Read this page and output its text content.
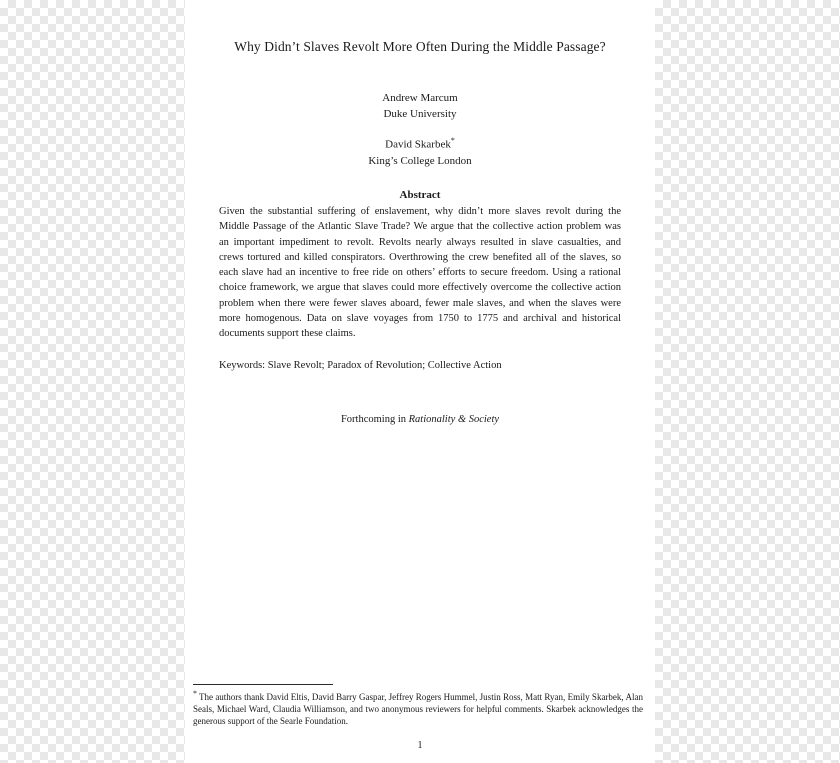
Why Didn’t Slaves Revolt More Often During the Middle Passage?
Andrew Marcum
Duke University
David Skarbek*
King’s College London
Abstract
Given the substantial suffering of enslavement, why didn’t more slaves revolt during the Middle Passage of the Atlantic Slave Trade? We argue that the collective action problem was an important impediment to revolt. Revolts nearly always resulted in slave casualties, and crews tortured and killed conspirators. Overthrowing the crew benefited all of the slaves, so each slave had an incentive to free ride on others’ efforts to secure freedom. Using a rational choice framework, we argue that slaves could more effectively overcome the collective action problem when there were fewer slaves aboard, fewer male slaves, and when the slaves were more homogenous. Data on slave voyages from 1750 to 1775 and archival and historical documents support these claims.
Keywords: Slave Revolt; Paradox of Revolution; Collective Action
Forthcoming in Rationality & Society
* The authors thank David Eltis, David Barry Gaspar, Jeffrey Rogers Hummel, Justin Ross, Matt Ryan, Emily Skarbek, Alan Seals, Michael Ward, Claudia Williamson, and two anonymous reviewers for helpful comments. Skarbek acknowledges the generous support of the Searle Foundation.
1
